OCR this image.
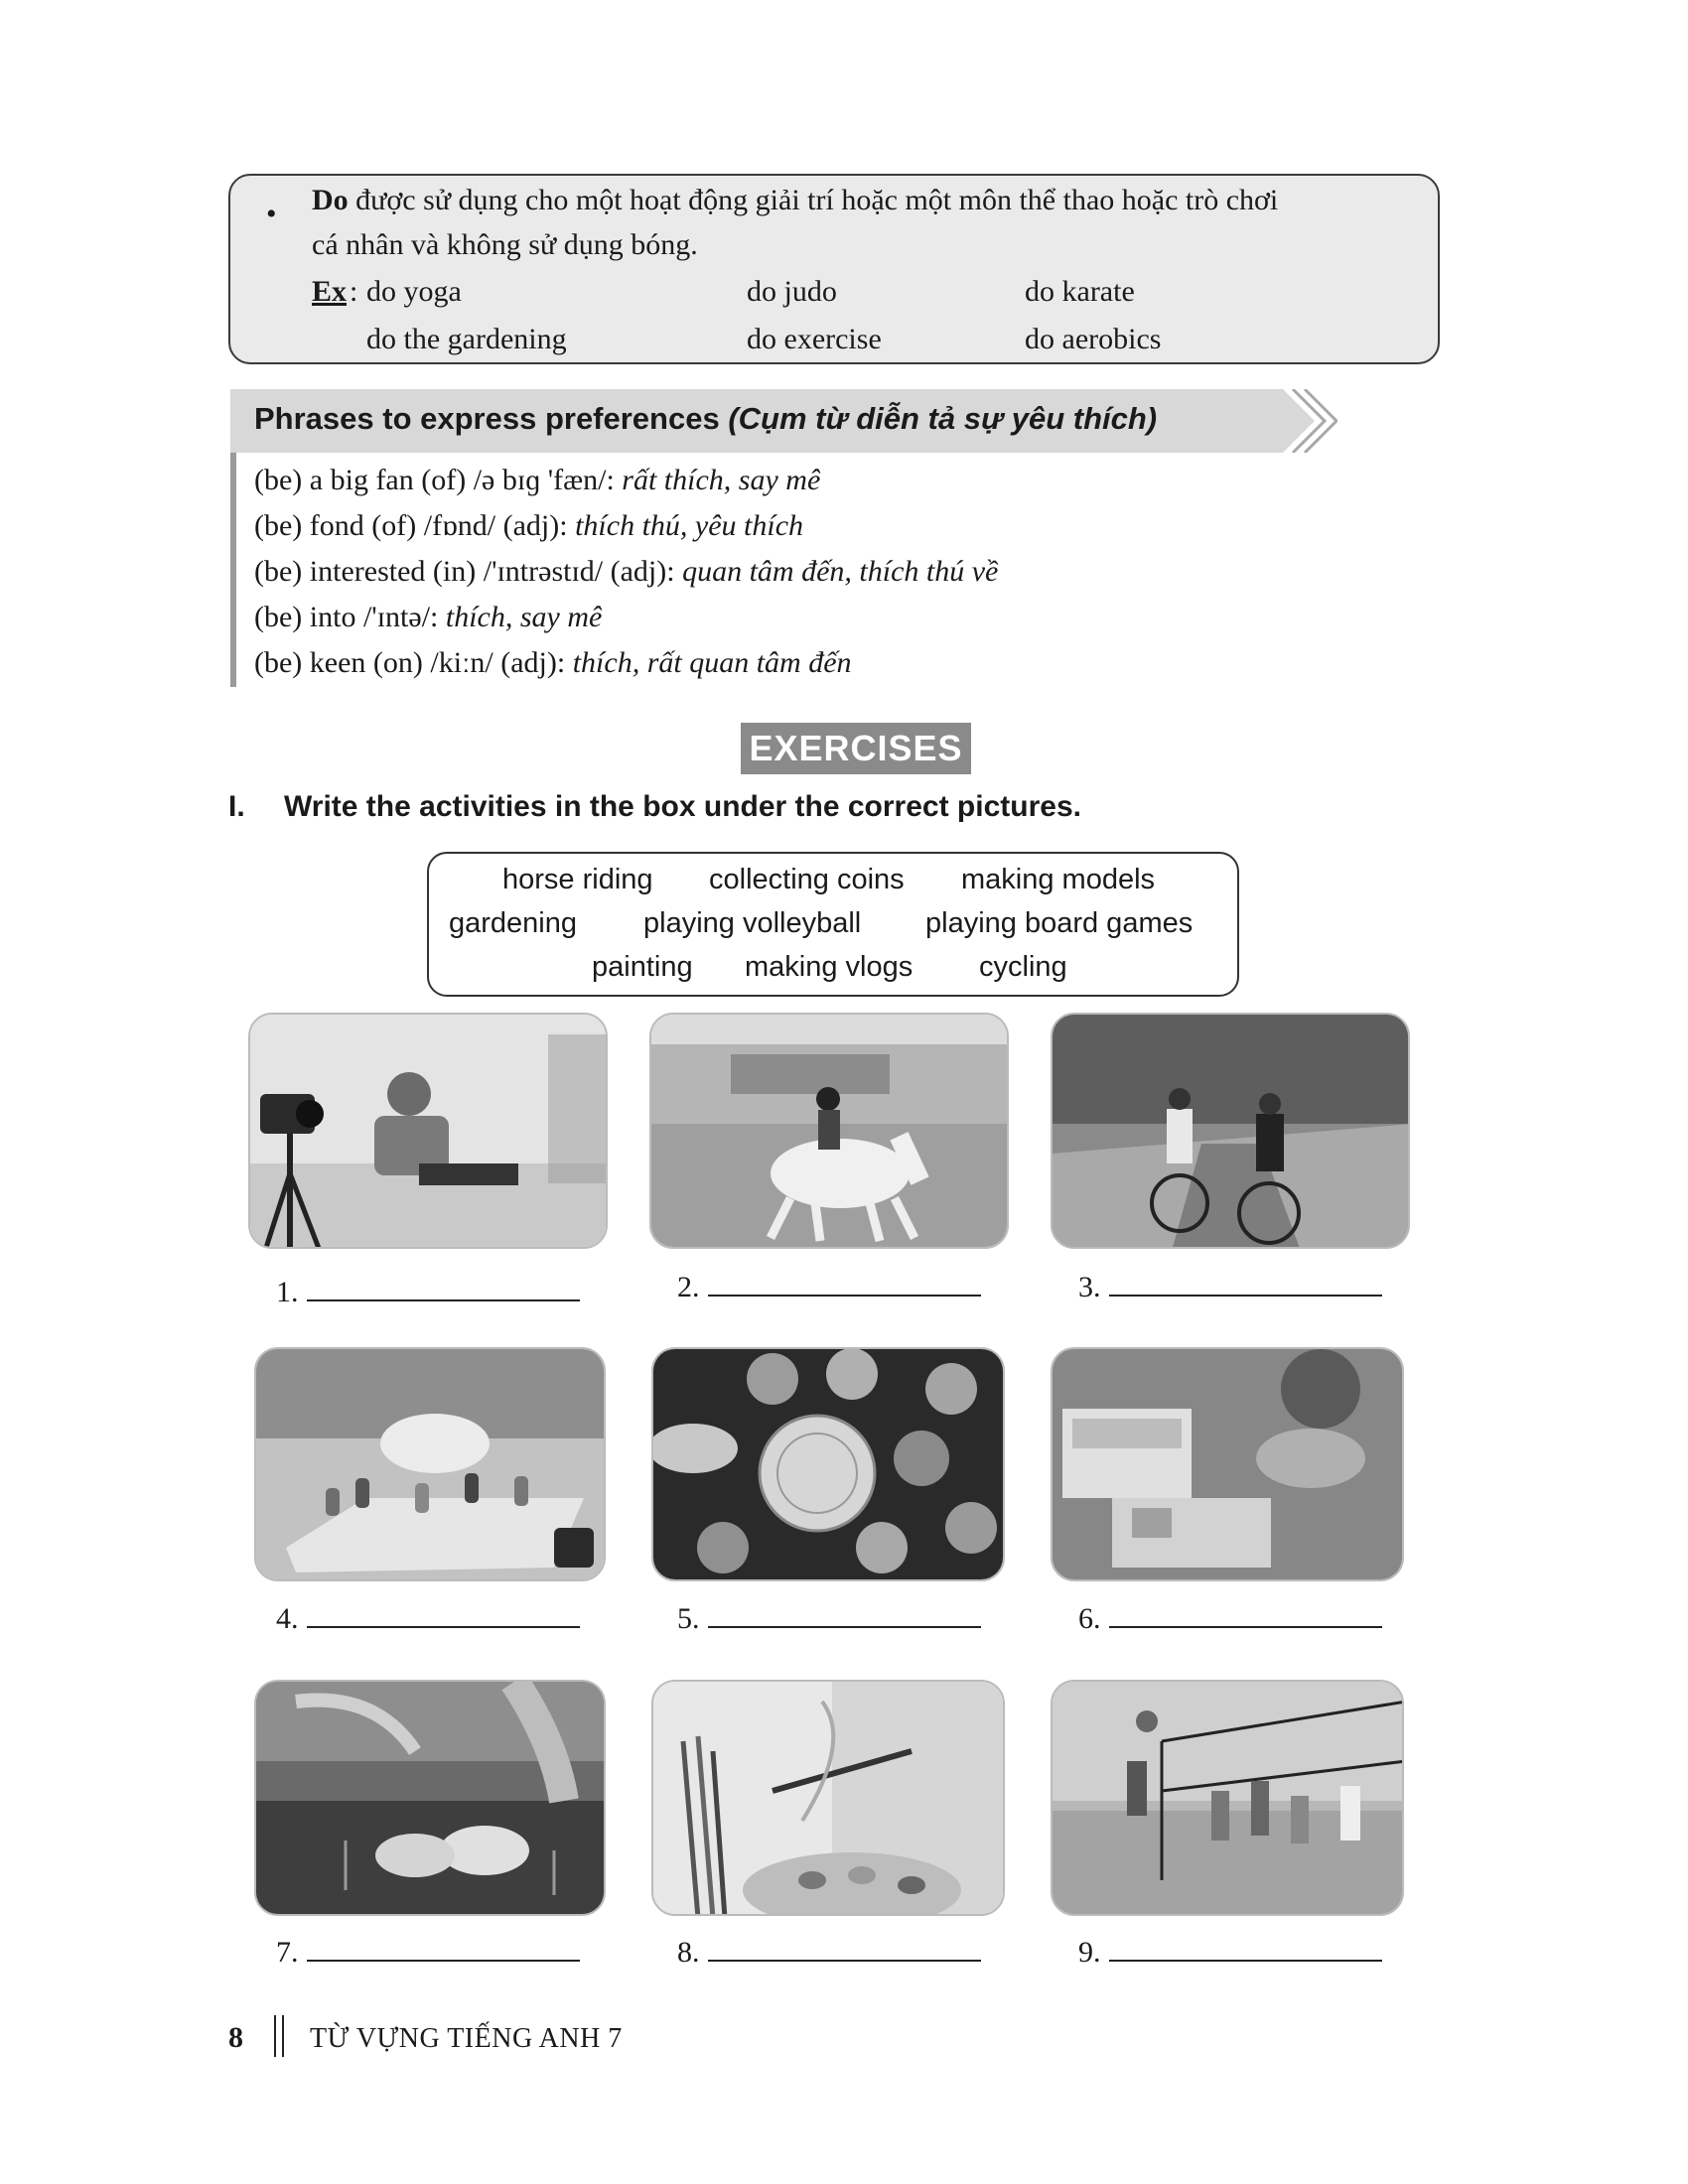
• Do được sử dụng cho một hoạt động giải trí hoặc một môn thể thao hoặc trò chơi
cá nhân và không sử dụng bóng.
Ex : do yoga	do judo	do karate
do the gardening	do exercise	do aerobics
Phrases to express preferences (Cụm từ diễn tả sự yêu thích)
(be) a big fan (of) /ə bɪɡ 'fæn/: rất thích, say mê
(be) fond (of) /fɒnd/ (adj): thích thú, yêu thích
(be) interested (in) /'ɪntrəstɪd/ (adj): quan tâm đến, thích thú về
(be) into /'ɪntə/: thích, say mê
(be) keen (on) /kiːn/ (adj): thích, rất quan tâm đến
EXERCISES
I. Write the activities in the box under the correct pictures.
horse riding collecting coins making models
gardening playing volleyball playing board games
painting making vlogs cycling
1.	2.	3.
4.	5.	6.
7.	8.	9.
8 TỪ VỰNG TIẾNG ANH 7
